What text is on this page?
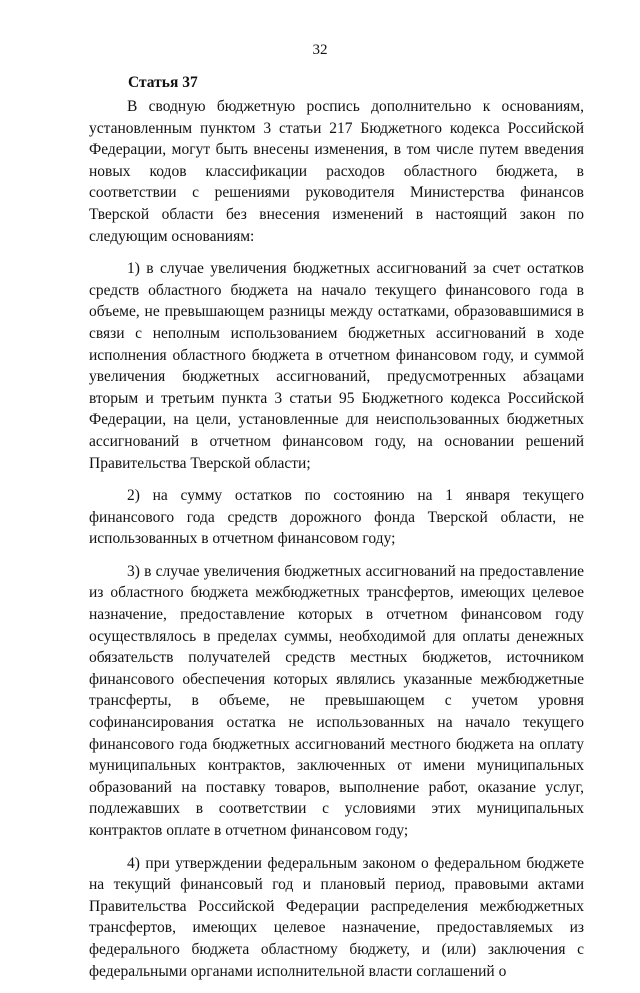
32
Статья 37

В сводную бюджетную роспись дополнительно к основаниям, установленным пунктом 3 статьи 217 Бюджетного кодекса Российской Федерации, могут быть внесены изменения, в том числе путем введения новых кодов классификации расходов областного бюджета, в соответствии с решениями руководителя Министерства финансов Тверской области без внесения изменений в настоящий закон по следующим основаниям:

1) в случае увеличения бюджетных ассигнований за счет остатков средств областного бюджета на начало текущего финансового года в объеме, не превышающем разницы между остатками, образовавшимися в связи с неполным использованием бюджетных ассигнований в ходе исполнения областного бюджета в отчетном финансовом году, и суммой увеличения бюджетных ассигнований, предусмотренных абзацами вторым и третьим пункта 3 статьи 95 Бюджетного кодекса Российской Федерации, на цели, установленные для неиспользованных бюджетных ассигнований в отчетном финансовом году, на основании решений Правительства Тверской области;

2) на сумму остатков по состоянию на 1 января текущего финансового года средств дорожного фонда Тверской области, не использованных в отчетном финансовом году;

3) в случае увеличения бюджетных ассигнований на предоставление из областного бюджета межбюджетных трансфертов, имеющих целевое назначение, предоставление которых в отчетном финансовом году осуществлялось в пределах суммы, необходимой для оплаты денежных обязательств получателей средств местных бюджетов, источником финансового обеспечения которых являлись указанные межбюджетные трансферты, в объеме, не превышающем с учетом уровня софинансирования остатка не использованных на начало текущего финансового года бюджетных ассигнований местного бюджета на оплату муниципальных контрактов, заключенных от имени муниципальных образований на поставку товаров, выполнение работ, оказание услуг, подлежавших в соответствии с условиями этих муниципальных контрактов оплате в отчетном финансовом году;

4) при утверждении федеральным законом о федеральном бюджете на текущий финансовый год и плановый период, правовыми актами Правительства Российской Федерации распределения межбюджетных трансфертов, имеющих целевое назначение, предоставляемых из федерального бюджета областному бюджету, и (или) заключения с федеральными органами исполнительной власти соглашений о
